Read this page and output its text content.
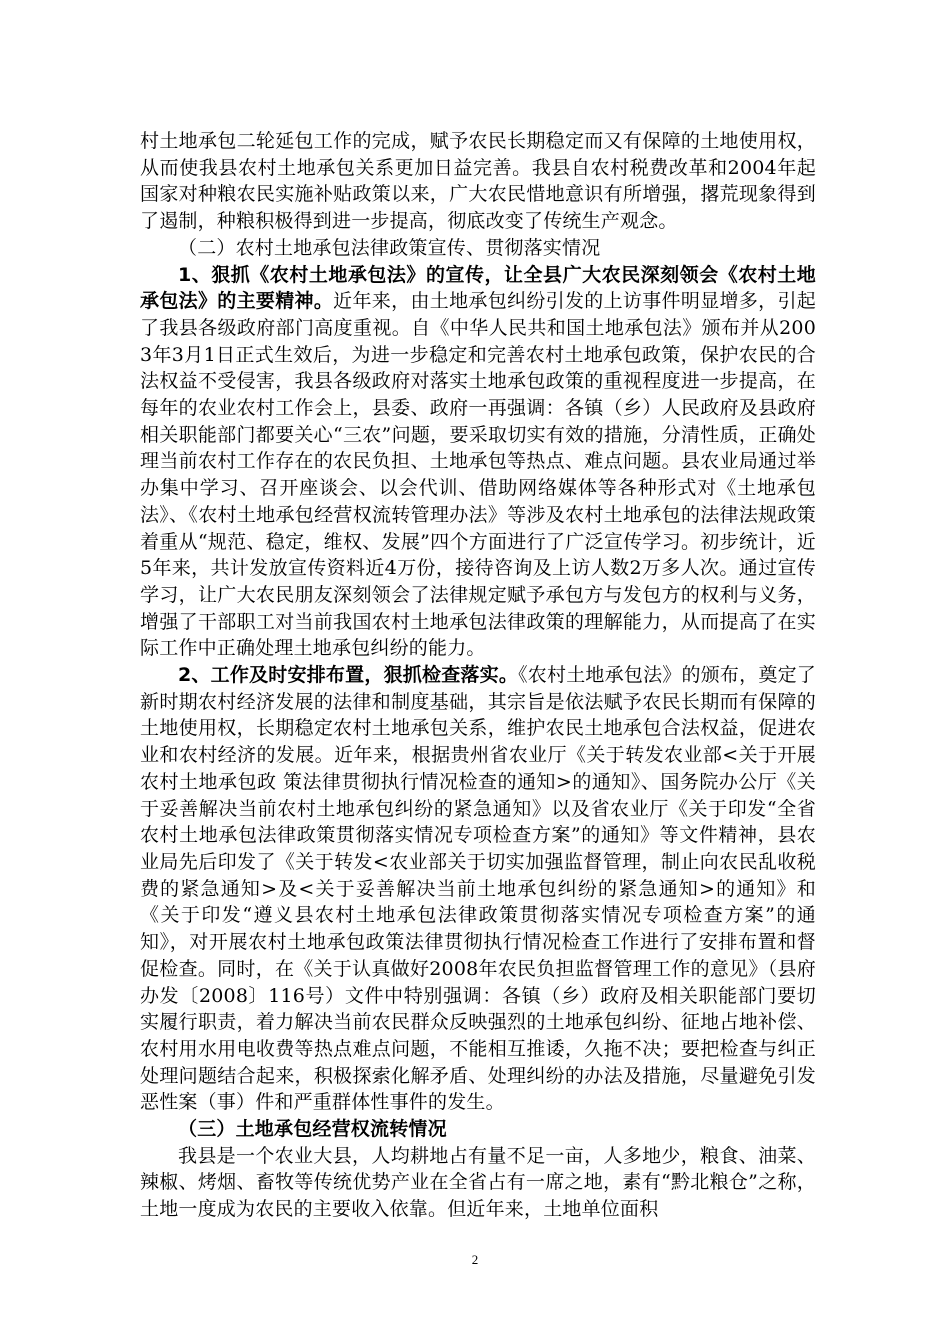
村土地承包二轮延包工作的完成，赋予农民长期稳定而又有保障的土地使用权，从而使我县农村土地承包关系更加日益完善。我县自农村税费改革和2004年起国家对种粮农民实施补贴政策以来，广大农民惜地意识有所增强，撂荒现象得到了遏制，种粮积极得到进一步提高，彻底改变了传统生产观念。

（二）农村土地承包法律政策宣传、贯彻落实情况

1、狠抓《农村土地承包法》的宣传，让全县广大农民深刻领会《农村土地承包法》的主要精神。近年来，由土地承包纠纷引发的上访事件明显增多，引起了我县各级政府部门高度重视。自《中华人民共和国土地承包法》颁布并从2003年3月1日正式生效后，为进一步稳定和完善农村土地承包政策，保护农民的合法权益不受侵害，我县各级政府对落实土地承包政策的重视程度进一步提高，在每年的农业农村工作会上，县委、政府一再强调：各镇（乡）人民政府及县政府相关职能部门都要关心“三农”问题，要采取切实有效的措施，分清性质，正确处理当前农村工作存在的农民负担、土地承包等热点、难点问题。县农业局通过举办集中学习、召开座谈会、以会代训、借助网络媒体等各种形式对《土地承包法》、《农村土地承包经营权流转管理办法》等涉及农村土地承包的法律法规政策着重从“规范、稳定，维权、发展”四个方面进行了广泛宣传学习。初步统计，近5年来，共计发放宣传资料近4万份，接待咨询及上访人数2万多人次。通过宣传学习，让广大农民朋友深刻领会了法律规定赋予承包方与发包方的权利与义务，增强了干部职工对当前我国农村土地承包法律政策的理解能力，从而提高了在实际工作中正确处理土地承包纠纷的能力。

2、工作及时安排布置，狠抓检查落实。《农村土地承包法》的颁布，奠定了新时期农村经济发展的法律和制度基础，其宗旨是依法赋予农民长期而有保障的土地使用权，长期稳定农村土地承包关系，维护农民土地承包合法权益，促进农业和农村经济的发展。近年来，根据贵州省农业厅《关于转发农业部<关于开展农村土地承包政 策法律贯彻执行情况检查的通知>的通知》、国务院办公厅《关于妥善解决当前农村土地承包纠纷的紧急通知》以及省农业厅《关于印发“全省农村土地承包法律政策贯彻落实情况专项检查方案”的通知》等文件精神，县农业局先后印发了《关于转发<农业部关于切实加强监督管理，制止向农民乱收税费的紧急通知>及<关于妥善解决当前土地承包纠纷的紧急通知>的通知》和《关于印发“遵义县农村土地承包法律政策贯彻落实情况专项检查方案”的通知》，对开展农村土地承包政策法律贯彻执行情况检查工作进行了安排布置和督促检查。同时，在《关于认真做好2008年农民负担监督管理工作的意见》（县府办发〔2008〕116号）文件中特别强调：各镇（乡）政府及相关职能部门要切实履行职责，着力解决当前农民群众反映强烈的土地承包纠纷、征地占地补偿、农村用水用电收费等热点难点问题，不能相互推诿，久拖不决；要把检查与纠正处理问题结合起来，积极探索化解矛盾、处理纠纷的办法及措施，尽量避免引发恶性案（事）件和严重群体性事件的发生。

（三）土地承包经营权流转情况

我县是一个农业大县，人均耕地占有量不足一亩，人多地少，粮食、油菜、辣椒、烤烟、畜牧等传统优势产业在全省占有一席之地，素有“黔北粮仓”之称，土地一度成为农民的主要收入依靠。但近年来，土地单位面积

2
